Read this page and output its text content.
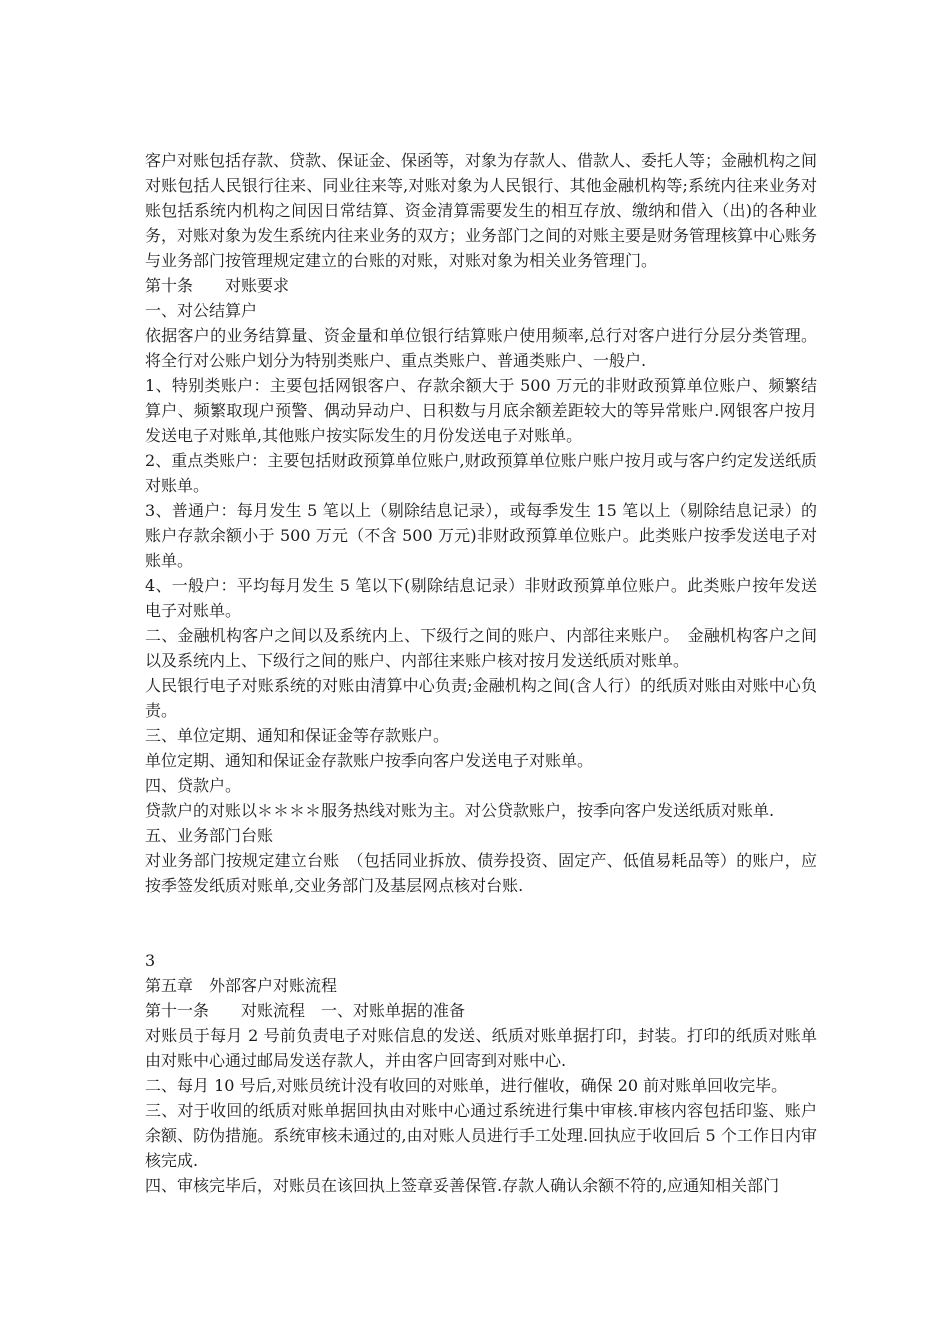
客户对账包括存款、贷款、保证金、保函等，对象为存款人、借款人、委托人等；金融机构之间对账包括人民银行往来、同业往来等,对账对象为人民银行、其他金融机构等;系统内往来业务对账包括系统内机构之间因日常结算、资金清算需要发生的相互存放、缴纳和借入（出)的各种业务，对账对象为发生系统内往来业务的双方；业务部门之间的对账主要是财务管理核算中心账务与业务部门按管理规定建立的台账的对账，对账对象为相关业务管理门。

第十条　　对账要求

一、对公结算户

依据客户的业务结算量、资金量和单位银行结算账户使用频率,总行对客户进行分层分类管理。将全行对公账户划分为特别类账户、重点类账户、普通类账户、一般户.

1、特别类账户：主要包括网银客户、存款余额大于 500 万元的非财政预算单位账户、频繁结算户、频繁取现户预警、偶动异动户、日积数与月底余额差距较大的等异常账户.网银客户按月发送电子对账单,其他账户按实际发生的月份发送电子对账单。

2、重点类账户：主要包括财政预算单位账户,财政预算单位账户账户按月或与客户约定发送纸质对账单。

3、普通户：每月发生 5 笔以上（剔除结息记录），或每季发生 15 笔以上（剔除结息记录）的账户存款余额小于 500 万元（不含 500 万元)非财政预算单位账户。此类账户按季发送电子对账单。

4、一般户：平均每月发生 5 笔以下(剔除结息记录）非财政预算单位账户。此类账户按年发送电子对账单。

二、金融机构客户之间以及系统内上、下级行之间的账户、内部往来账户。　金融机构客户之间以及系统内上、下级行之间的账户、内部往来账户核对按月发送纸质对账单。

人民银行电子对账系统的对账由清算中心负责;金融机构之间(含人行）的纸质对账由对账中心负责。

三、单位定期、通知和保证金等存款账户。

单位定期、通知和保证金存款账户按季向客户发送电子对账单。

四、贷款户。

贷款户的对账以＊＊＊＊服务热线对账为主。对公贷款账户，按季向客户发送纸质对账单.

五、业务部门台账

对业务部门按规定建立台账　（包括同业拆放、债券投资、固定产、低值易耗品等）的账户，应按季签发纸质对账单,交业务部门及基层网点核对台账.

3

第五章　外部客户对账流程

第十一条　　对账流程　一、对账单据的准备

对账员于每月 2 号前负责电子对账信息的发送、纸质对账单据打印，封装。打印的纸质对账单由对账中心通过邮局发送存款人，并由客户回寄到对账中心.

二、每月 10 号后,对账员统计没有收回的对账单，进行催收，确保 20 前对账单回收完毕。

三、对于收回的纸质对账单据回执由对账中心通过系统进行集中审核.审核内容包括印鉴、账户余额、防伪措施。系统审核未通过的,由对账人员进行手工处理.回执应于收回后 5 个工作日内审核完成.

四、审核完毕后，对账员在该回执上签章妥善保管.存款人确认余额不符的,应通知相关部门
